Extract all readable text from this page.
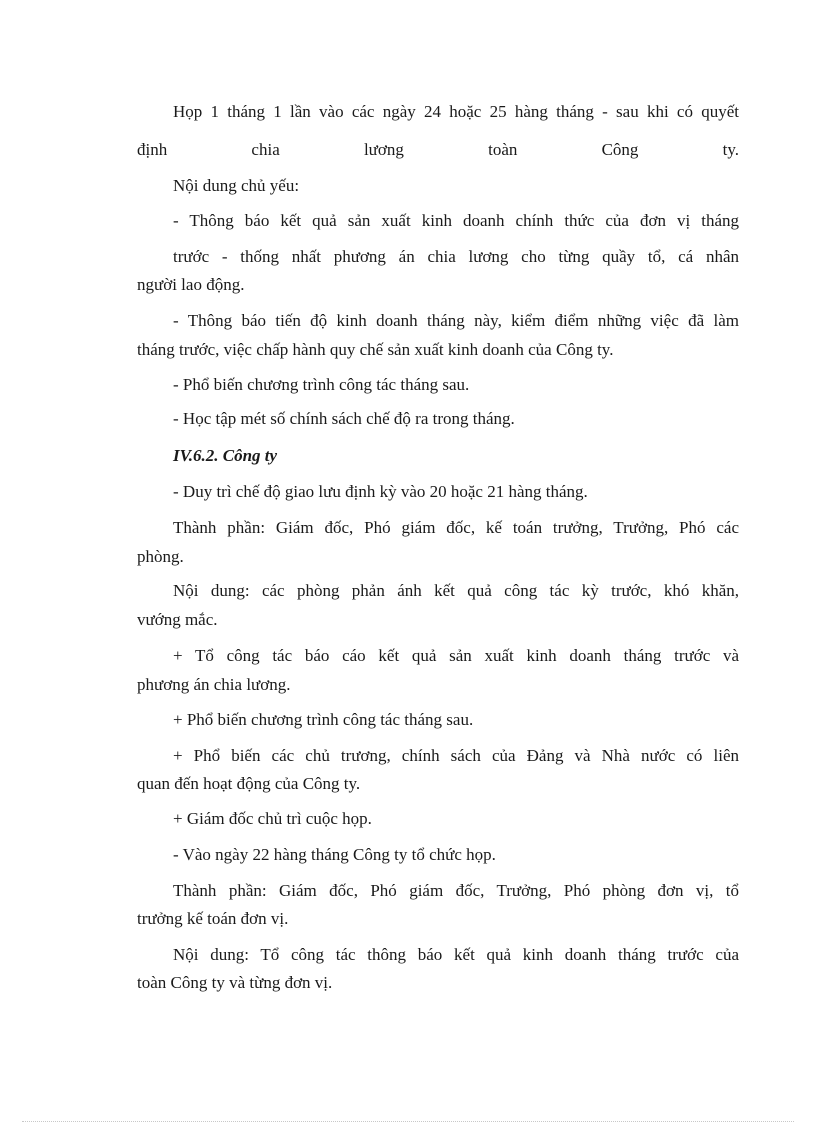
Họp 1 tháng 1 lần vào các ngày 24 hoặc 25 hàng tháng - sau khi có quyết
định chia lương toàn Công ty.
Nội dung chủ yếu:
- Thông báo kết quả sản xuất kinh doanh chính thức của đơn vị tháng
trước - thống nhất phương án chia lương cho từng quầy tổ, cá nhân
người lao động.
- Thông báo tiến độ kinh doanh tháng này, kiểm điểm những việc đã làm
tháng trước, việc chấp hành quy chế sản xuất kinh doanh của Công ty.
- Phổ biến chương trình công tác tháng sau.
- Học tập mét số chính sách chế độ ra trong tháng.
IV.6.2. Công ty
- Duy trì chế độ giao lưu định kỳ vào 20 hoặc 21 hàng tháng.
Thành phần: Giám đốc, Phó giám đốc, kế toán trưởng, Trưởng, Phó các
phòng.
Nội dung: các phòng phản ánh kết quả công tác kỳ trước, khó khăn,
vướng mắc.
+ Tổ công tác báo cáo kết quả sản xuất kinh doanh tháng trước và
phương án chia lương.
+ Phổ biến chương trình công tác tháng sau.
+ Phổ biến các chủ trương, chính sách của Đảng và Nhà nước có liên
quan đến hoạt động của Công ty.
+ Giám đốc chủ trì cuộc họp.
- Vào ngày 22 hàng tháng Công ty tổ chức họp.
Thành phần: Giám đốc, Phó giám đốc, Trưởng, Phó phòng đơn vị, tổ
trưởng kế toán đơn vị.
Nội dung: Tổ công tác thông báo kết quả kinh doanh tháng trước của
toàn Công ty và từng đơn vị.
